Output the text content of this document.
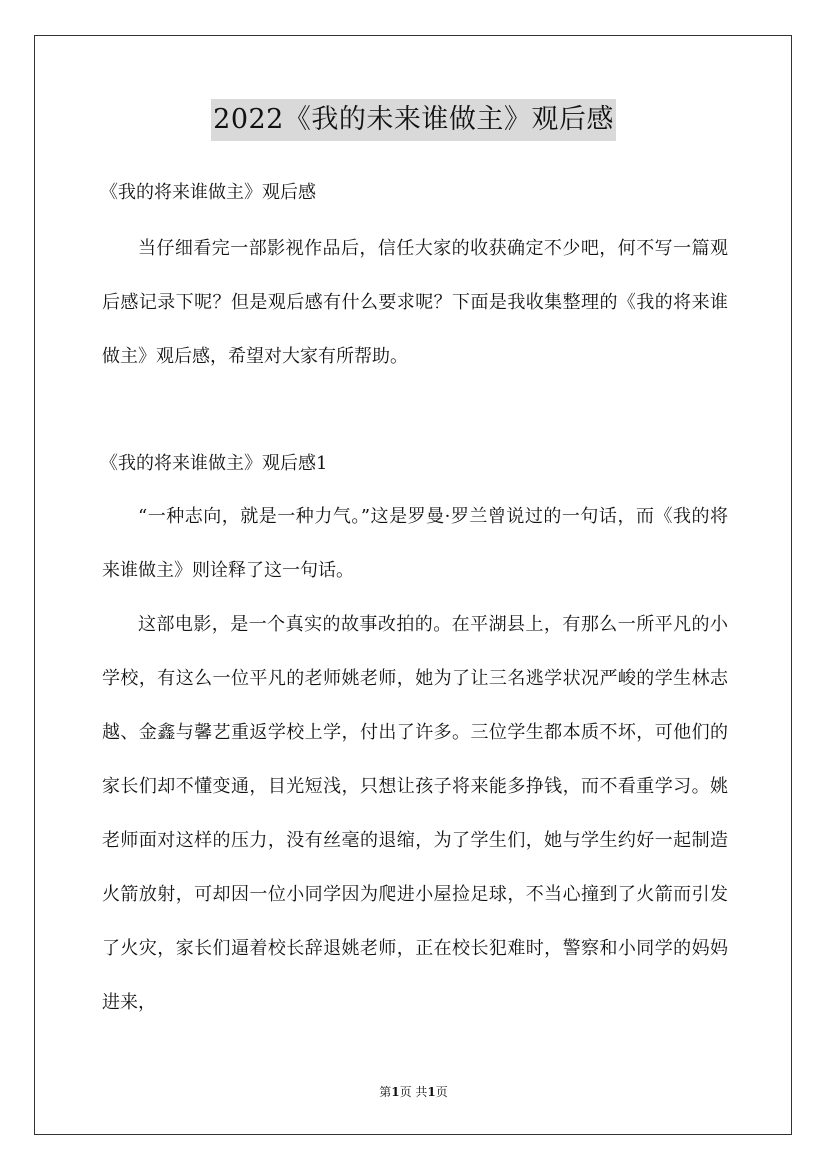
2022《我的未来谁做主》观后感
《我的将来谁做主》观后感

当仔细看完一部影视作品后，信任大家的收获确定不少吧，何不写一篇观后感记录下呢？但是观后感有什么要求呢？下面是我收集整理的《我的将来谁做主》观后感，希望对大家有所帮助。

《我的将来谁做主》观后感1

“一种志向，就是一种力气。”这是罗曼·罗兰曾说过的一句话，而《我的将来谁做主》则诠释了这一句话。

这部电影，是一个真实的故事改拍的。在平湖县上，有那么一所平凡的小学校，有这么一位平凡的老师姚老师，她为了让三名逃学状况严峻的学生林志越、金鑫与馨艺重返学校上学，付出了许多。三位学生都本质不坏，可他们的家长们却不懂变通，目光短浅，只想让孩子将来能多挣钱，而不看重学习。姚老师面对这样的压力，没有丝毫的退缩，为了学生们，她与学生约好一起制造火箭放射，可却因一位小同学因为爬进小屋捡足球，不当心撞到了火箭而引发了火灾，家长们逼着校长辞退姚老师，正在校长犯难时，警察和小同学的妈妈进来，

第1页 共1页
